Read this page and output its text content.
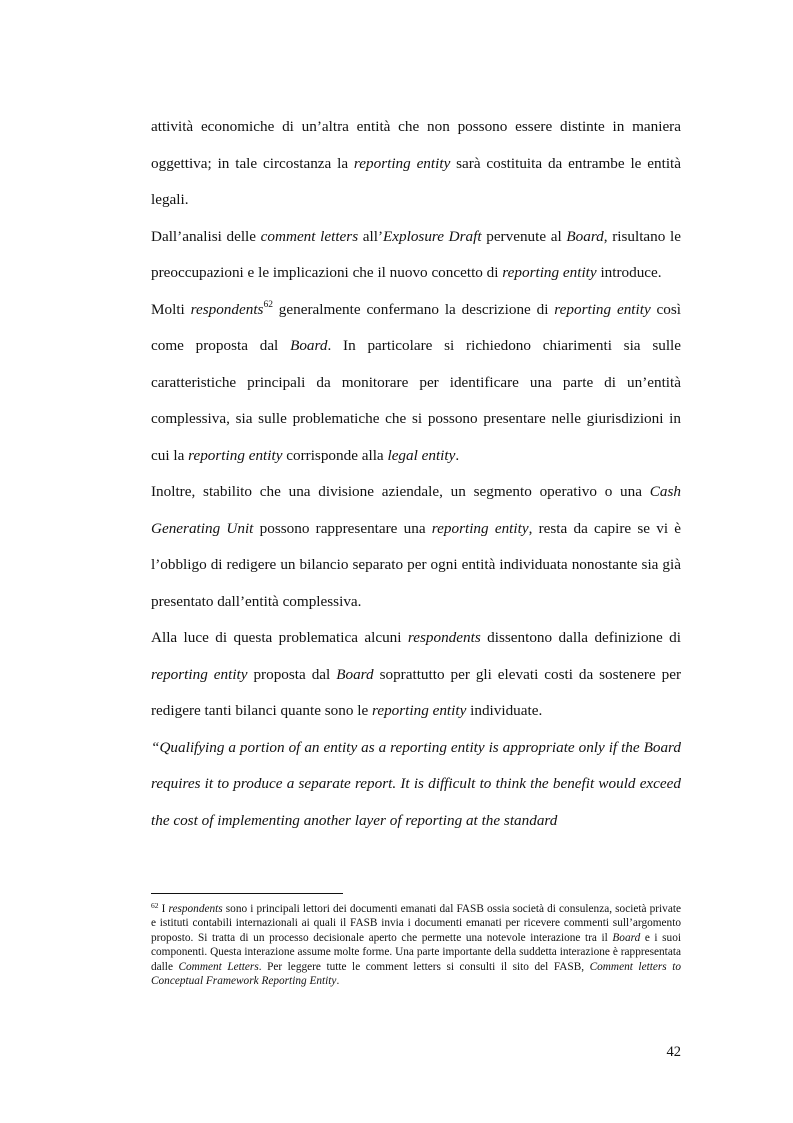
attività economiche di un’altra entità che non possono essere distinte in maniera oggettiva; in tale circostanza la reporting entity sarà costituita da entrambe le entità legali.

Dall’analisi delle comment letters all’Explosure Draft pervenute al Board, risultano le preoccupazioni e le implicazioni che il nuovo concetto di reporting entity introduce.

Molti respondents$^{62}$ generalmente confermano la descrizione di reporting entity così come proposta dal Board. In particolare si richiedono chiarimenti sia sulle caratteristiche principali da monitorare per identificare una parte di un’entità complessiva, sia sulle problematiche che si possono presentare nelle giurisdizioni in cui la reporting entity corrisponde alla legal entity.

Inoltre, stabilito che una divisione aziendale, un segmento operativo o una Cash Generating Unit possono rappresentare una reporting entity, resta da capire se vi è l’obbligo di redigere un bilancio separato per ogni entità individuata nonostante sia già presentato dall’entità complessiva.

Alla luce di questa problematica alcuni respondents dissentono dalla definizione di reporting entity proposta dal Board soprattutto per gli elevati costi da sostenere per redigere tanti bilanci quante sono le reporting entity individuate.

“Qualifying a portion of an entity as a reporting entity is appropriate only if the Board requires it to produce a separate report. It is difficult to think the benefit would exceed the cost of implementing another layer of reporting at the standard

$^{62}$ I respondents sono i principali lettori dei documenti emanati dal FASB ossia società di consulenza, società private e istituti contabili internazionali ai quali il FASB invia i documenti emanati per ricevere commenti sull’argomento proposto. Si tratta di un processo decisionale aperto che permette una notevole interazione tra il Board e i suoi componenti. Questa interazione assume molte forme. Una parte importante della suddetta interazione è rappresentata dalle Comment Letters. Per leggere tutte le comment letters si consulti il sito del FASB, Comment letters to Conceptual Framework Reporting Entity.
42
